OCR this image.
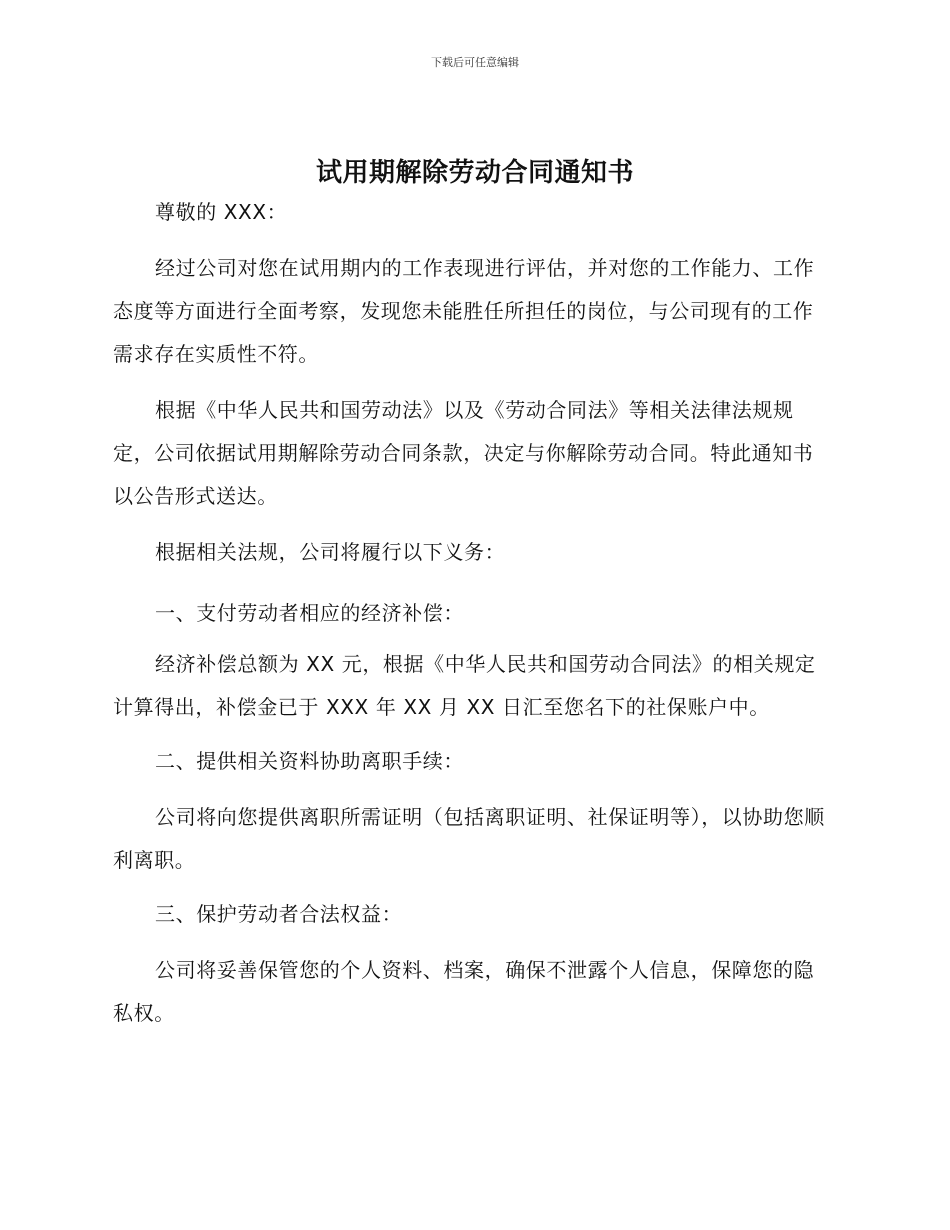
下载后可任意编辑
试用期解除劳动合同通知书

尊敬的 XXX：

经过公司对您在试用期内的工作表现进行评估，并对您的工作能力、工作态度等方面进行全面考察，发现您未能胜任所担任的岗位，与公司现有的工作需求存在实质性不符。

根据《中华人民共和国劳动法》以及《劳动合同法》等相关法律法规规定，公司依据试用期解除劳动合同条款，决定与你解除劳动合同。特此通知书以公告形式送达。

根据相关法规，公司将履行以下义务：

一、支付劳动者相应的经济补偿：

经济补偿总额为 XX 元，根据《中华人民共和国劳动合同法》的相关规定计算得出，补偿金已于 XXX 年 XX 月 XX 日汇至您名下的社保账户中。

二、提供相关资料协助离职手续：

公司将向您提供离职所需证明（包括离职证明、社保证明等），以协助您顺利离职。

三、保护劳动者合法权益：

公司将妥善保管您的个人资料、档案，确保不泄露个人信息，保障您的隐私权。
